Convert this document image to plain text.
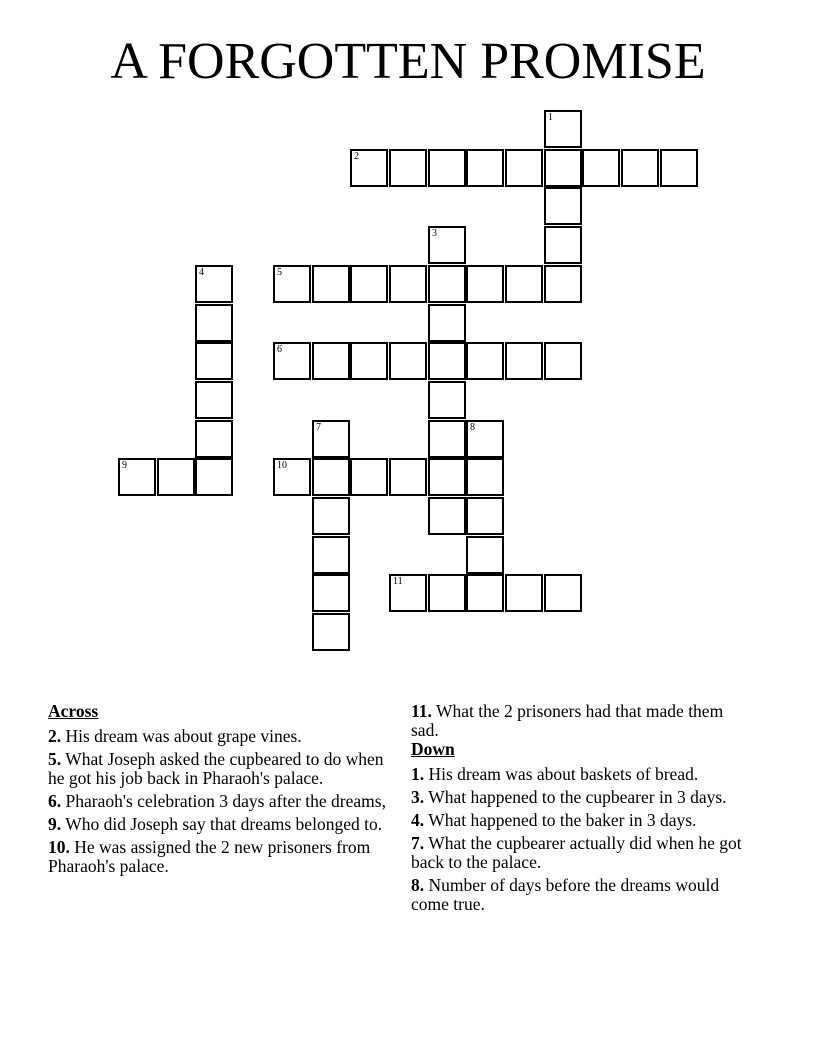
A FORGOTTEN PROMISE
1
2
3
4	5
6
7	8
9	10
11
Across
2. His dream was about grape vines.
5. What Joseph asked the cupbeared to do when he got his job back in Pharaoh's palace.
6. Pharaoh's celebration 3 days after the dreams,
9. Who did Joseph say that dreams belonged to.
10. He was assigned the 2 new prisoners from Pharaoh's palace.
11. What the 2 prisoners had that made them sad.
Down
1. His dream was about baskets of bread.
3. What happened to the cupbearer in 3 days.
4. What happened to the baker in 3 days.
7. What the cupbearer actually did when he got back to the palace.
8. Number of days before the dreams would come true.
